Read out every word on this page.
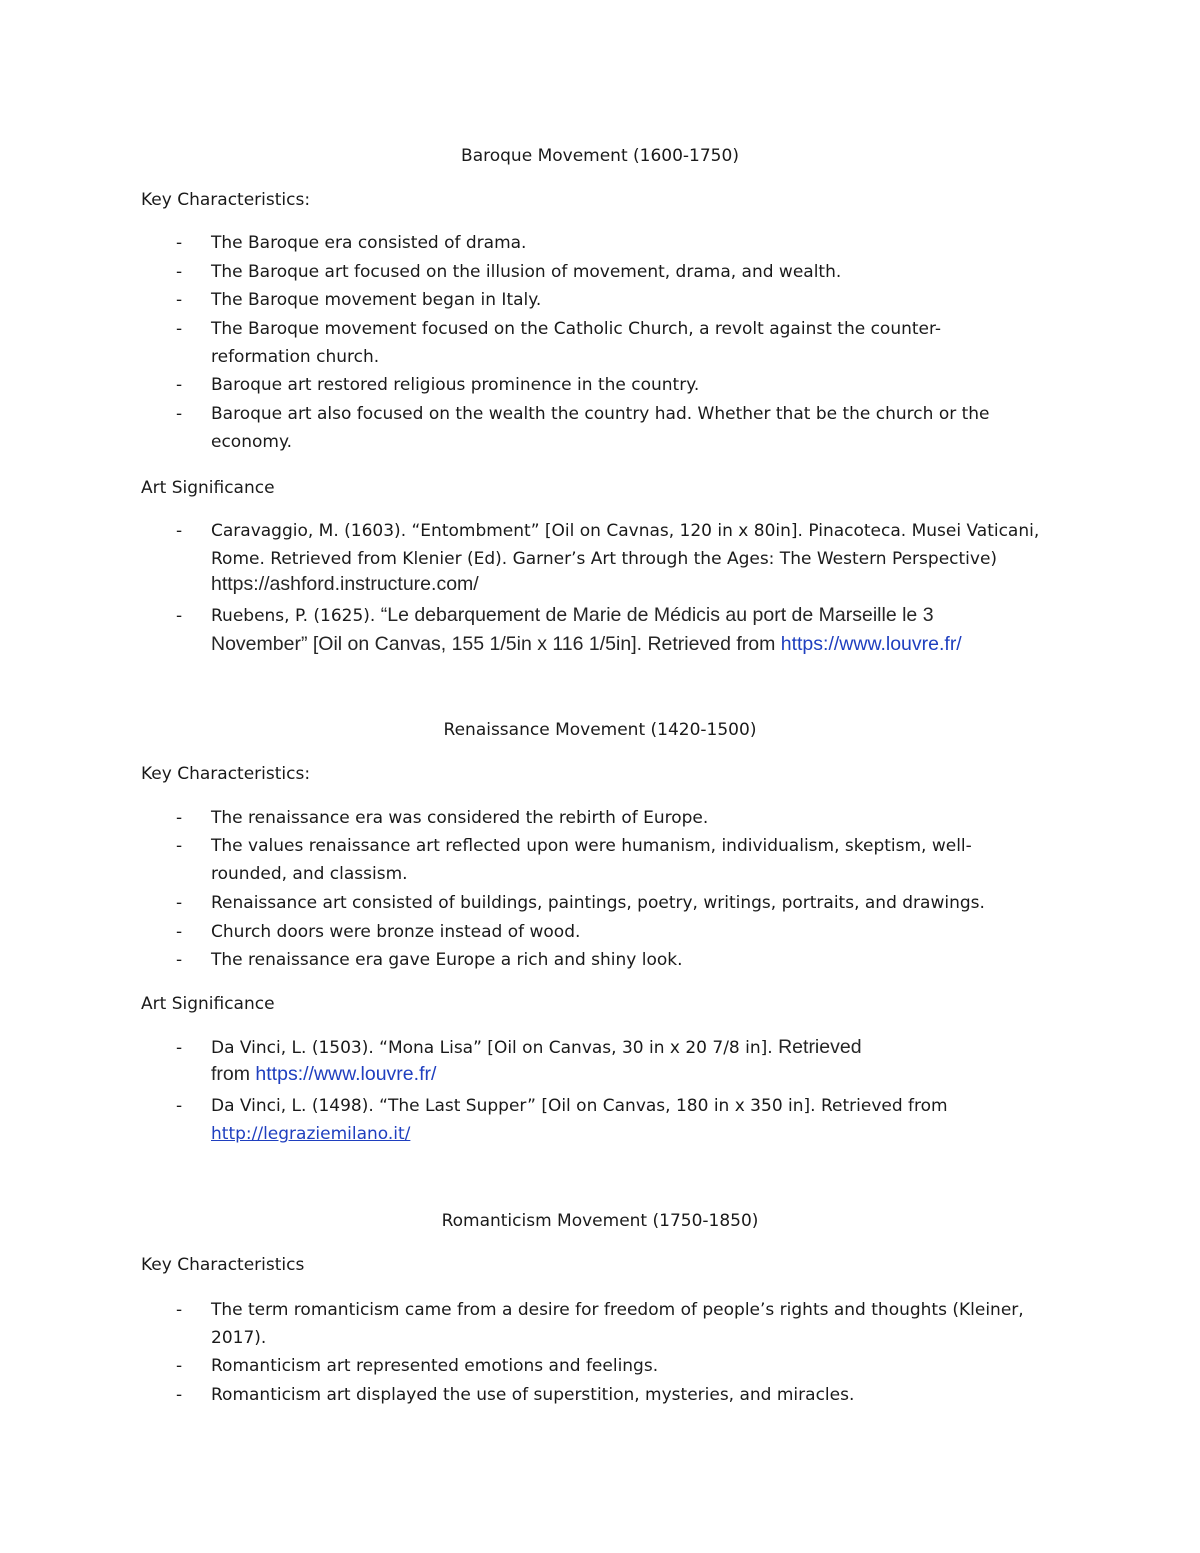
Baroque Movement (1600-1750)
Key Characteristics:
- The Baroque era consisted of drama.
- The Baroque art focused on the illusion of movement, drama, and wealth.
- The Baroque movement began in Italy.
- The Baroque movement focused on the Catholic Church, a revolt against the counter-
reformation church.
- Baroque art restored religious prominence in the country.
- Baroque art also focused on the wealth the country had. Whether that be the church or the
economy.
Art Significance
- Caravaggio, M. (1603). “Entombment” [Oil on Cavnas, 120 in x 80in]. Pinacoteca. Musei Vaticani,
Rome. Retrieved from Klenier (Ed). Garner’s Art through the Ages: The Western Perspective)
https://ashford.instructure.com/
- Ruebens, P. (1625). “Le debarquement de Marie de Médicis au port de Marseille le 3
November” [Oil on Canvas, 155 1/5in x 116 1/5in]. Retrieved from https://www.louvre.fr/
Renaissance Movement (1420-1500)
Key Characteristics:
- The renaissance era was considered the rebirth of Europe.
- The values renaissance art reflected upon were humanism, individualism, skeptism, well-
rounded, and classism.
- Renaissance art consisted of buildings, paintings, poetry, writings, portraits, and drawings.
- Church doors were bronze instead of wood.
- The renaissance era gave Europe a rich and shiny look.
Art Significance
- Da Vinci, L. (1503). “Mona Lisa” [Oil on Canvas, 30 in x 20 7/8 in]. Retrieved
from https://www.louvre.fr/
- Da Vinci, L. (1498). “The Last Supper” [Oil on Canvas, 180 in x 350 in]. Retrieved from
http://legraziemilano.it/
Romanticism Movement (1750-1850)
Key Characteristics
- The term romanticism came from a desire for freedom of people’s rights and thoughts (Kleiner,
2017).
- Romanticism art represented emotions and feelings.
- Romanticism art displayed the use of superstition, mysteries, and miracles.
